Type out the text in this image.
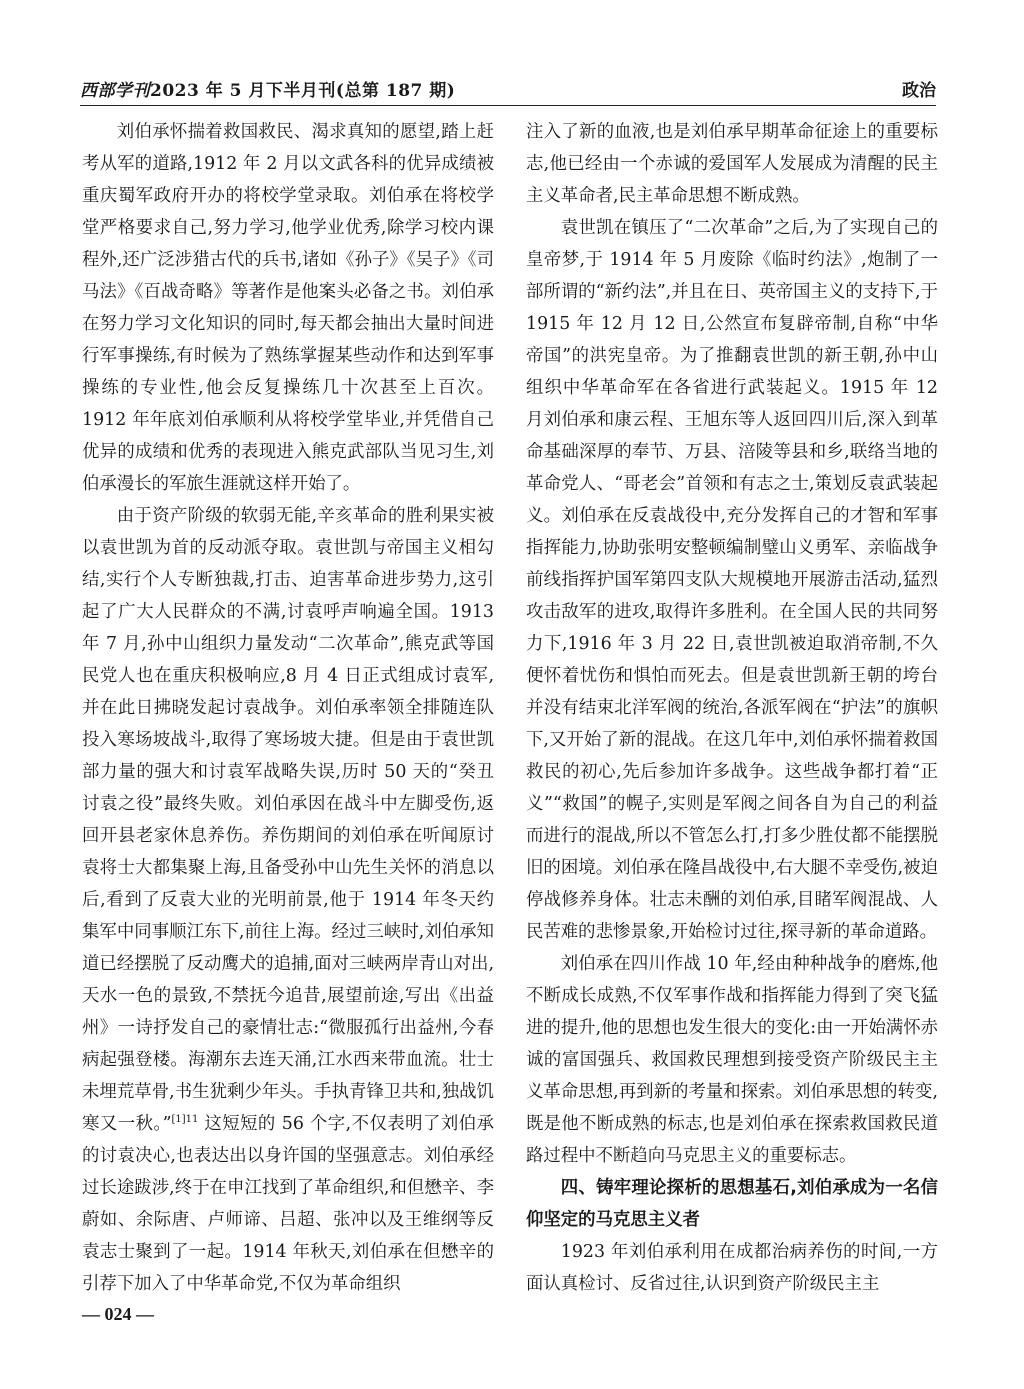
西部学刊2023 年 5 月下半月刊(总第 187 期)	政治

刘伯承怀揣着救国救民、渴求真知的愿望,踏上赶考从军的道路,1912 年 2 月以文武各科的优异成绩被重庆蜀军政府开办的将校学堂录取。刘伯承在将校学堂严格要求自己,努力学习,他学业优秀,除学习校内课程外,还广泛涉猎古代的兵书,诸如《孙子》《吴子》《司马法》《百战奇略》等著作是他案头必备之书。刘伯承在努力学习文化知识的同时,每天都会抽出大量时间进行军事操练,有时候为了熟练掌握某些动作和达到军事操练的专业性,他会反复操练几十次甚至上百次。1912 年年底刘伯承顺利从将校学堂毕业,并凭借自己优异的成绩和优秀的表现进入熊克武部队当见习生,刘伯承漫长的军旅生涯就这样开始了。

由于资产阶级的软弱无能,辛亥革命的胜利果实被以袁世凯为首的反动派夺取。袁世凯与帝国主义相勾结,实行个人专断独裁,打击、迫害革命进步势力,这引起了广大人民群众的不满,讨袁呼声响遍全国。1913 年 7 月,孙中山组织力量发动“二次革命”,熊克武等国民党人也在重庆积极响应,8 月 4 日正式组成讨袁军,并在此日拂晓发起讨袁战争。刘伯承率领全排随连队投入寒场坡战斗,取得了寒场坡大捷。但是由于袁世凯部力量的强大和讨袁军战略失误,历时 50 天的“癸丑讨袁之役”最终失败。刘伯承因在战斗中左脚受伤,返回开县老家休息养伤。养伤期间的刘伯承在听闻原讨袁将士大都集聚上海,且备受孙中山先生关怀的消息以后,看到了反袁大业的光明前景,他于 1914 年冬天约集军中同事顺江东下,前往上海。经过三峡时,刘伯承知道已经摆脱了反动鹰犬的追捕,面对三峡两岸青山对出,天水一色的景致,不禁抚今追昔,展望前途,写出《出益州》一诗抒发自己的豪情壮志:“微服孤行出益州,今春病起强登楼。海潮东去连天涌,江水西来带血流。壮士未埋荒草骨,书生犹剩少年头。手执青锋卫共和,独战饥寒又一秋。”$^{[1]11}$ 这短短的 56 个字,不仅表明了刘伯承的讨袁决心,也表达出以身许国的坚强意志。刘伯承经过长途跋涉,终于在申江找到了革命组织,和但懋辛、李蔚如、余际唐、卢师谛、吕超、张冲以及王维纲等反袁志士聚到了一起。1914 年秋天,刘伯承在但懋辛的引荐下加入了中华革命党,不仅为革命组织

注入了新的血液,也是刘伯承早期革命征途上的重要标志,他已经由一个赤诚的爱国军人发展成为清醒的民主主义革命者,民主革命思想不断成熟。

袁世凯在镇压了“二次革命”之后,为了实现自己的皇帝梦,于 1914 年 5 月废除《临时约法》,炮制了一部所谓的“新约法”,并且在日、英帝国主义的支持下,于 1915 年 12 月 12 日,公然宣布复辟帝制,自称“中华帝国”的洪宪皇帝。为了推翻袁世凯的新王朝,孙中山组织中华革命军在各省进行武装起义。1915 年 12 月刘伯承和康云程、王旭东等人返回四川后,深入到革命基础深厚的奉节、万县、涪陵等县和乡,联络当地的革命党人、“哥老会”首领和有志之士,策划反袁武装起义。刘伯承在反袁战役中,充分发挥自己的才智和军事指挥能力,协助张明安整顿编制璧山义勇军、亲临战争前线指挥护国军第四支队大规模地开展游击活动,猛烈攻击敌军的进攻,取得许多胜利。在全国人民的共同努力下,1916 年 3 月 22 日,袁世凯被迫取消帝制,不久便怀着忧伤和惧怕而死去。但是袁世凯新王朝的垮台并没有结束北洋军阀的统治,各派军阀在“护法”的旗帜下,又开始了新的混战。在这几年中,刘伯承怀揣着救国救民的初心,先后参加许多战争。这些战争都打着“正义”“救国”的幌子,实则是军阀之间各自为自己的利益而进行的混战,所以不管怎么打,打多少胜仗都不能摆脱旧的困境。刘伯承在隆昌战役中,右大腿不幸受伤,被迫停战修养身体。壮志未酬的刘伯承,目睹军阀混战、人民苦难的悲惨景象,开始检讨过往,探寻新的革命道路。

刘伯承在四川作战 10 年,经由种种战争的磨炼,他不断成长成熟,不仅军事作战和指挥能力得到了突飞猛进的提升,他的思想也发生很大的变化:由一开始满怀赤诚的富国强兵、救国救民理想到接受资产阶级民主主义革命思想,再到新的考量和探索。刘伯承思想的转变,既是他不断成熟的标志,也是刘伯承在探索救国救民道路过程中不断趋向马克思主义的重要标志。

四、铸牢理论探析的思想基石,刘伯承成为一名信仰坚定的马克思主义者

1923 年刘伯承利用在成都治病养伤的时间,一方面认真检讨、反省过往,认识到资产阶级民主主

— 024 —
